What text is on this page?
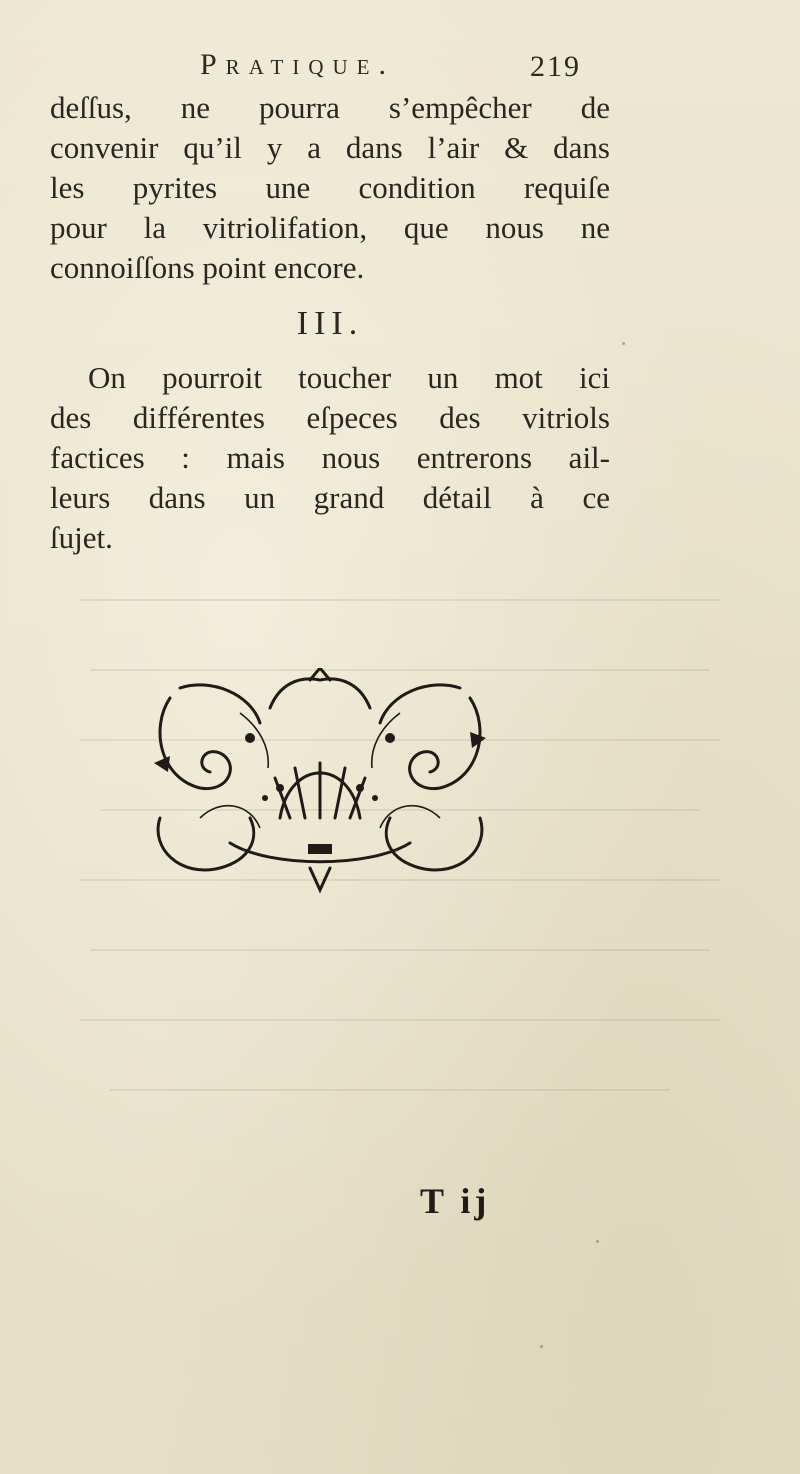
Pratique.	219
deſſus, ne pourra s’empêcher de
convenir qu’il y a dans l’air & dans
les pyrites une condition requiſe
pour la vitriolifation, que nous ne
connoiſſons point encore.
III.
On pourroit toucher un mot ici
des différentes eſpeces des vitriols
factices : mais nous entrerons ail-
leurs dans un grand détail à ce
ſujet.
T ij
